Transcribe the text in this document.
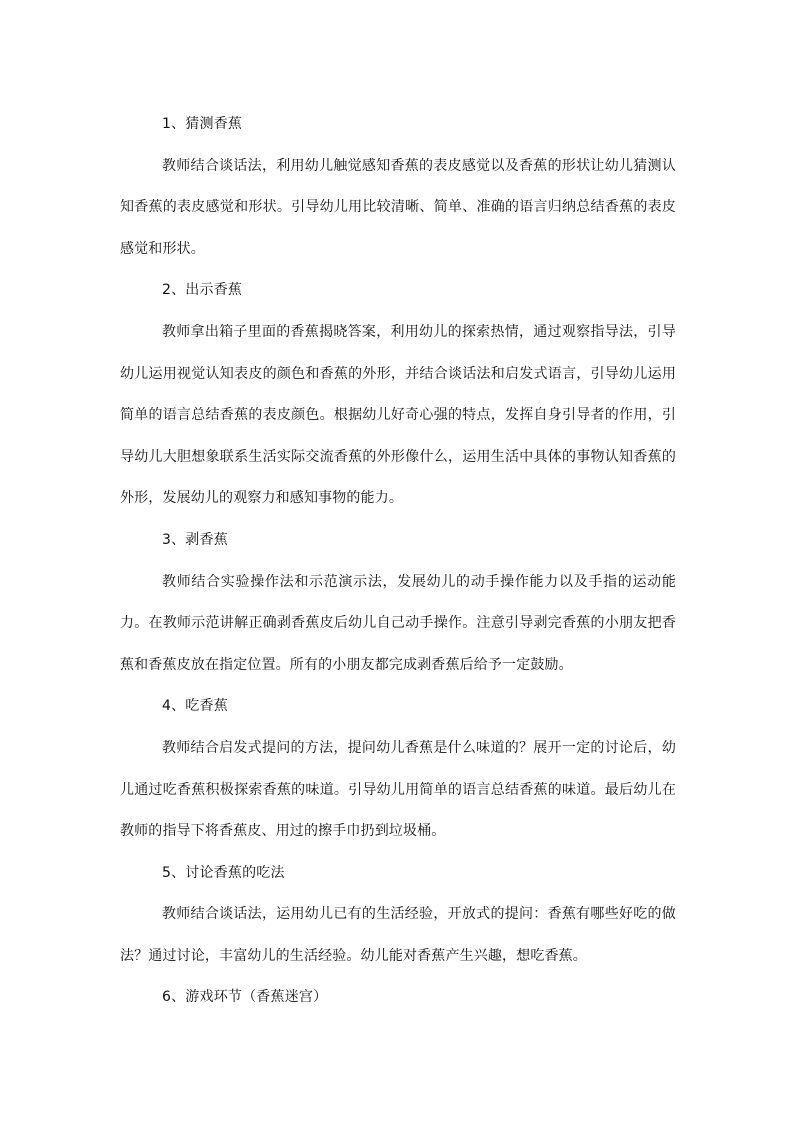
1、猜测香蕉

教师结合谈话法，利用幼儿触觉感知香蕉的表皮感觉以及香蕉的形状让幼儿猜测认知香蕉的表皮感觉和形状。引导幼儿用比较清晰、简单、准确的语言归纳总结香蕉的表皮感觉和形状。

2、出示香蕉

教师拿出箱子里面的香蕉揭晓答案，利用幼儿的探索热情，通过观察指导法，引导幼儿运用视觉认知表皮的颜色和香蕉的外形，并结合谈话法和启发式语言，引导幼儿运用简单的语言总结香蕉的表皮颜色。根据幼儿好奇心强的特点，发挥自身引导者的作用，引导幼儿大胆想象联系生活实际交流香蕉的外形像什么，运用生活中具体的事物认知香蕉的外形，发展幼儿的观察力和感知事物的能力。

3、剥香蕉

教师结合实验操作法和示范演示法，发展幼儿的动手操作能力以及手指的运动能力。在教师示范讲解正确剥香蕉皮后幼儿自己动手操作。注意引导剥完香蕉的小朋友把香蕉和香蕉皮放在指定位置。所有的小朋友都完成剥香蕉后给予一定鼓励。

4、吃香蕉

教师结合启发式提问的方法，提问幼儿香蕉是什么味道的？展开一定的讨论后，幼儿通过吃香蕉积极探索香蕉的味道。引导幼儿用简单的语言总结香蕉的味道。最后幼儿在教师的指导下将香蕉皮、用过的擦手巾扔到垃圾桶。

5、讨论香蕉的吃法

教师结合谈话法，运用幼儿已有的生活经验，开放式的提问：香蕉有哪些好吃的做法？通过讨论，丰富幼儿的生活经验。幼儿能对香蕉产生兴趣，想吃香蕉。

6、游戏环节（香蕉迷宫）
